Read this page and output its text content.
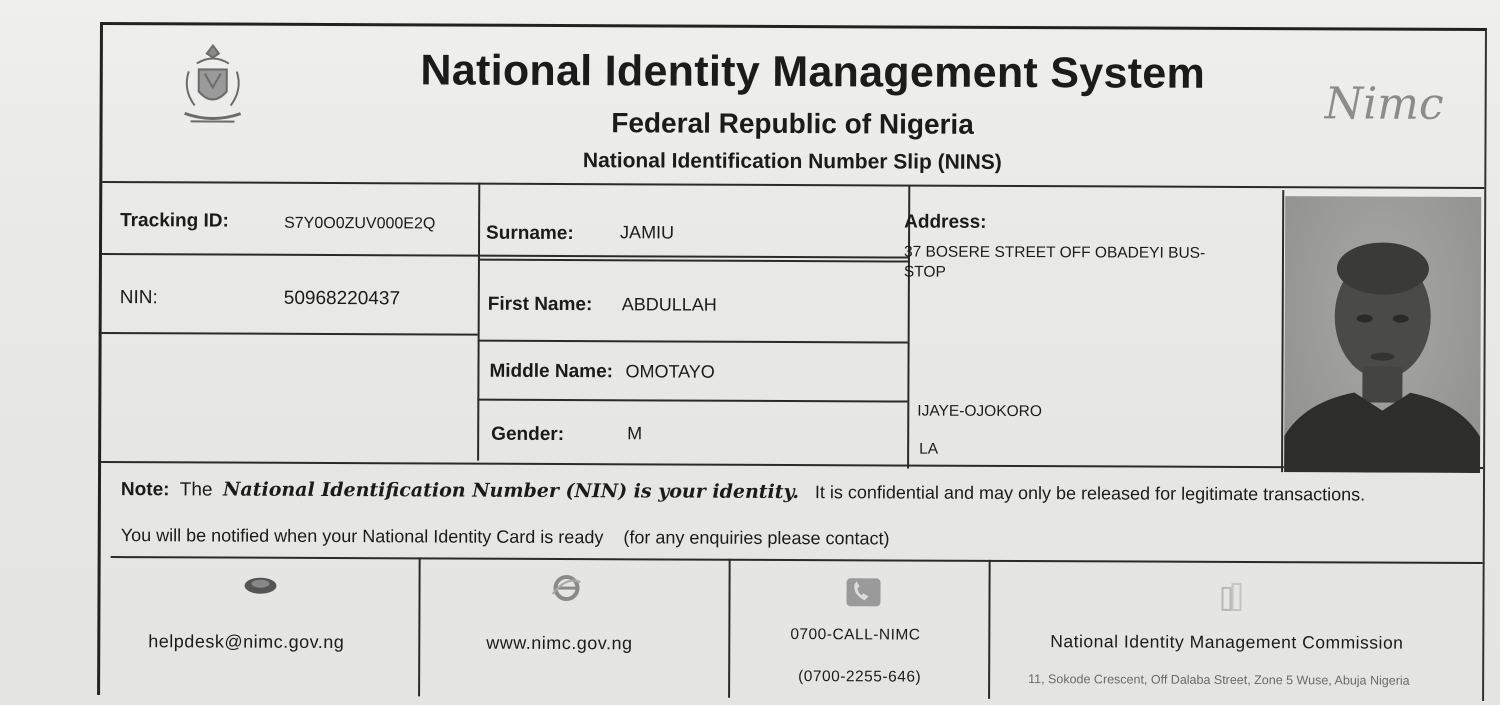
National Identity Management System
Federal Republic of Nigeria
National Identification Number Slip (NINS)
Nimc
Tracking ID:	S7Y0O0ZUV000E2Q
NIN:	50968220437
Surname:	JAMIU
First Name: ABDULLAH
Middle Name: OMOTAYO
Gender:	M
Address:
37 BOSERE STREET OFF OBADEYI BUS-
STOP
IJAYE-OJOKORO
LA
Note: The National Identification Number (NIN) is your identity. It is confidential and may only be released for legitimate transactions.
You will be notified when your National Identity Card is ready (for any enquiries please contact)
helpdesk@nimc.gov.ng	www.nimc.gov.ng	0700-CALL-NIMC
(0700-2255-646)
National Identity Management Commission
11, Sokode Crescent, Off Dalaba Street, Zone 5 Wuse, Abuja Nigeria
